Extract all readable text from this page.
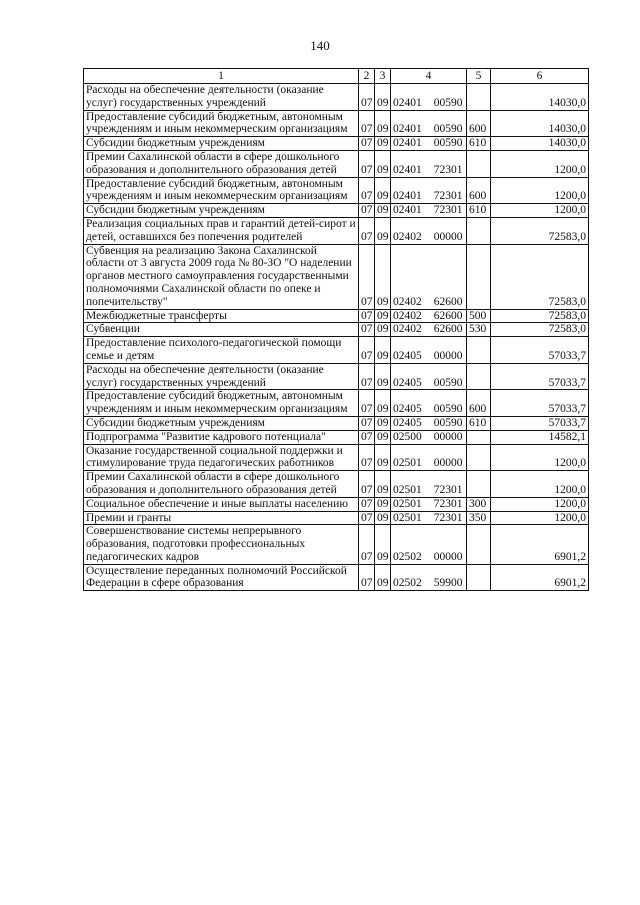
140
1	2	3	4	5	6
Расходы на обеспечение деятельности (оказание услуг) государственных учреждений	07	09	02401 00590		14030,0
Предоставление субсидий бюджетным, автономным учреждениям и иным некоммерческим организациям	07	09	02401 00590	600	14030,0
Субсидии бюджетным учреждениям	07	09	02401 00590	610	14030,0
Премии Сахалинской области в сфере дошкольного образования и дополнительного образования детей	07	09	02401 72301		1200,0
Предоставление субсидий бюджетным, автономным учреждениям и иным некоммерческим организациям	07	09	02401 72301	600	1200,0
Субсидии бюджетным учреждениям	07	09	02401 72301	610	1200,0
Реализация социальных прав и гарантий детей-сирот и детей, оставшихся без попечения родителей	07	09	02402 00000		72583,0
Субвенция на реализацию Закона Сахалинской области от 3 августа 2009 года № 80-ЗО "О наделении органов местного самоуправления государственными полномочиями Сахалинской области по опеке и попечительству"	07	09	02402 62600		72583,0
Межбюджетные трансферты	07	09	02402 62600	500	72583,0
Субвенции	07	09	02402 62600	530	72583,0
Предоставление психолого-педагогической помощи семье и детям	07	09	02405 00000		57033,7
Расходы на обеспечение деятельности (оказание услуг) государственных учреждений	07	09	02405 00590		57033,7
Предоставление субсидий бюджетным, автономным учреждениям и иным некоммерческим организациям	07	09	02405 00590	600	57033,7
Субсидии бюджетным учреждениям	07	09	02405 00590	610	57033,7
Подпрограмма "Развитие кадрового потенциала"	07	09	02500 00000		14582,1
Оказание государственной социальной поддержки и стимулирование труда педагогических работников	07	09	02501 00000		1200,0
Премии Сахалинской области в сфере дошкольного образования и дополнительного образования детей	07	09	02501 72301		1200,0
Социальное обеспечение и иные выплаты населению	07	09	02501 72301	300	1200,0
Премии и гранты	07	09	02501 72301	350	1200,0
Совершенствование системы непрерывного образования, подготовки профессиональных педагогических кадров	07	09	02502 00000		6901,2
Осуществление переданных полномочий Российской Федерации в сфере образования	07	09	02502 59900		6901,2
